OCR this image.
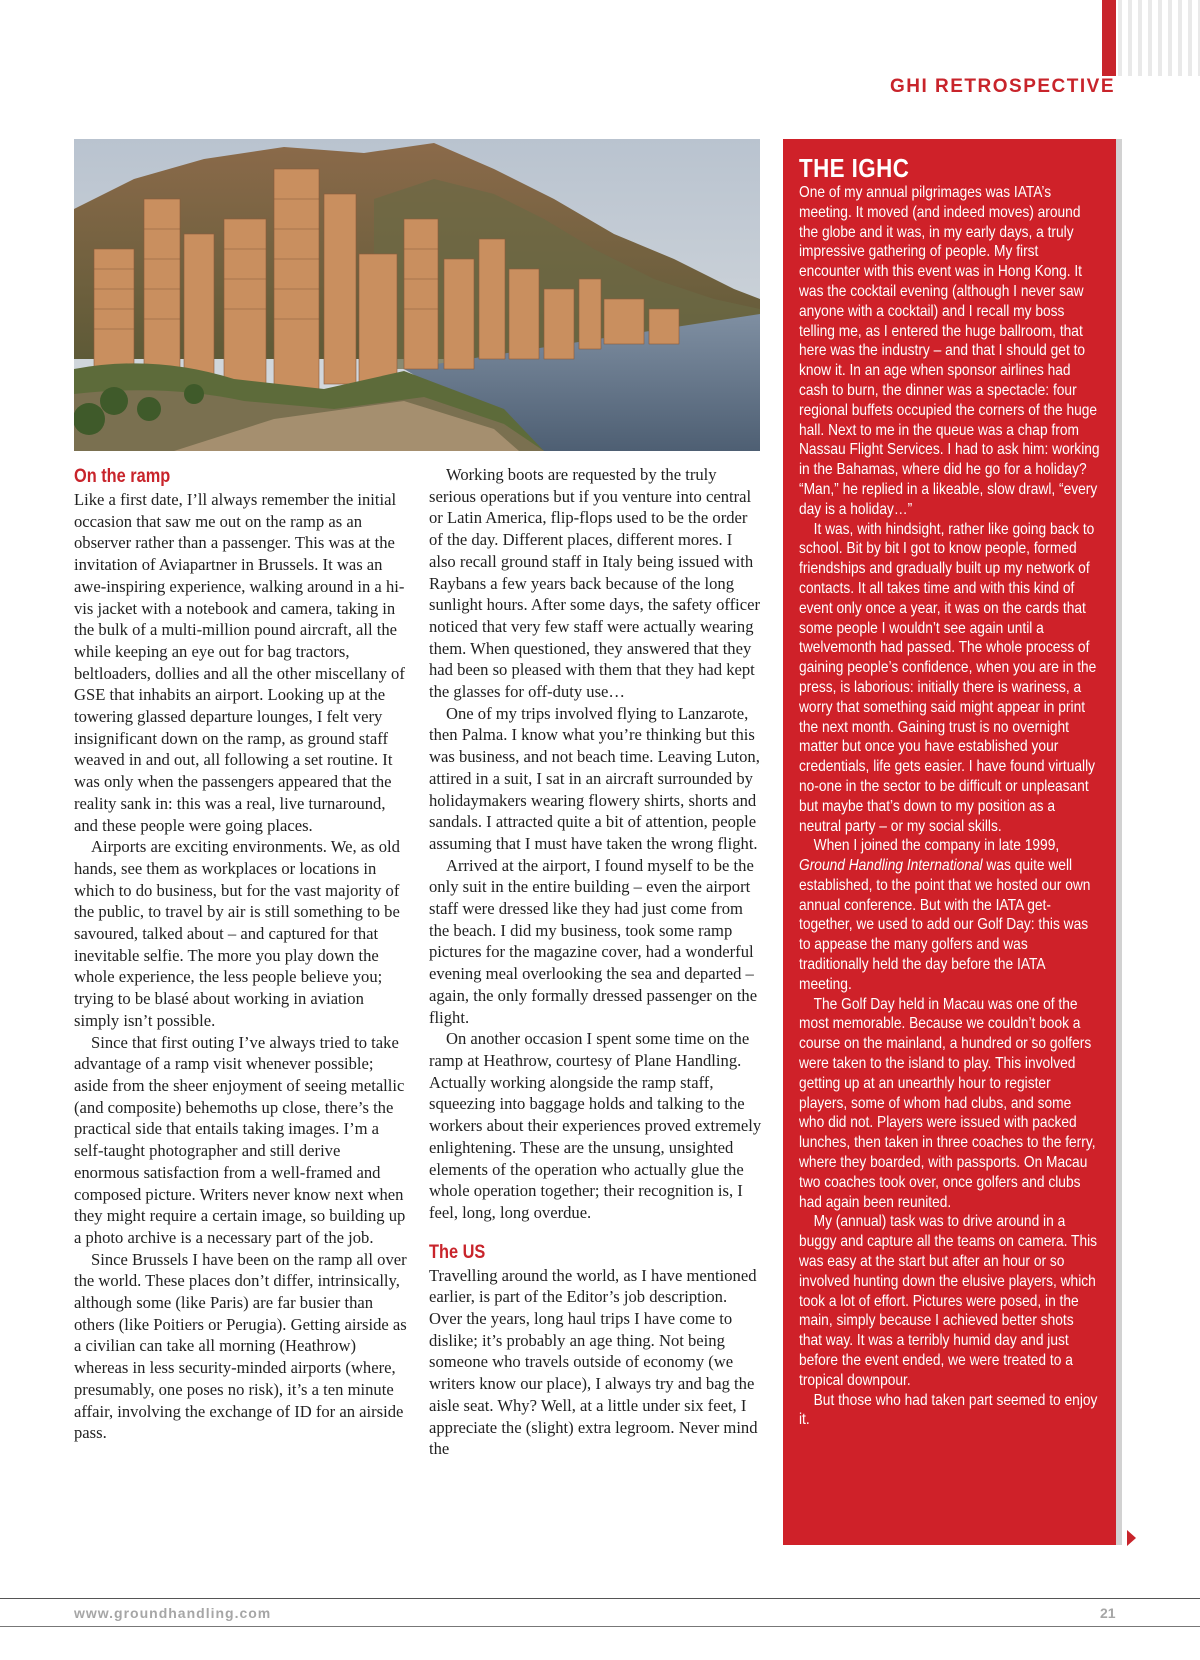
GHI RETROSPECTIVE
On the ramp

Like a first date, I’ll always remember the initial occasion that saw me out on the ramp as an observer rather than a passenger. This was at the invitation of Aviapartner in Brussels. It was an awe-inspiring experience, walking around in a hi-vis jacket with a notebook and camera, taking in the bulk of a multi-million pound aircraft, all the while keeping an eye out for bag tractors, beltloaders, dollies and all the other miscellany of GSE that inhabits an airport. Looking up at the towering glassed departure lounges, I felt very insignificant down on the ramp, as ground staff weaved in and out, all following a set routine. It was only when the passengers appeared that the reality sank in: this was a real, live turnaround, and these people were going places.

Airports are exciting environments. We, as old hands, see them as workplaces or locations in which to do business, but for the vast majority of the public, to travel by air is still something to be savoured, talked about – and captured for that inevitable selfie. The more you play down the whole experience, the less people believe you; trying to be blasé about working in aviation simply isn’t possible.

Since that first outing I’ve always tried to take advantage of a ramp visit whenever possible; aside from the sheer enjoyment of seeing metallic (and composite) behemoths up close, there’s the practical side that entails taking images. I’m a self-taught photographer and still derive enormous satisfaction from a well-framed and composed picture. Writers never know next when they might require a certain image, so building up a photo archive is a necessary part of the job.

Since Brussels I have been on the ramp all over the world. These places don’t differ, intrinsically, although some (like Paris) are far busier than others (like Poitiers or Perugia). Getting airside as a civilian can take all morning (Heathrow) whereas in less security-minded airports (where, presumably, one poses no risk), it’s a ten minute affair, involving the exchange of ID for an airside pass.

Working boots are requested by the truly serious operations but if you venture into central or Latin America, flip-flops used to be the order of the day. Different places, different mores. I also recall ground staff in Italy being issued with Raybans a few years back because of the long sunlight hours. After some days, the safety officer noticed that very few staff were actually wearing them. When questioned, they answered that they had been so pleased with them that they had kept the glasses for off-duty use…

One of my trips involved flying to Lanzarote, then Palma. I know what you’re thinking but this was business, and not beach time. Leaving Luton, attired in a suit, I sat in an aircraft surrounded by holidaymakers wearing flowery shirts, shorts and sandals. I attracted quite a bit of attention, people assuming that I must have taken the wrong flight.

Arrived at the airport, I found myself to be the only suit in the entire building – even the airport staff were dressed like they had just come from the beach. I did my business, took some ramp pictures for the magazine cover, had a wonderful evening meal overlooking the sea and departed – again, the only formally dressed passenger on the flight.

On another occasion I spent some time on the ramp at Heathrow, courtesy of Plane Handling. Actually working alongside the ramp staff, squeezing into baggage holds and talking to the workers about their experiences proved extremely enlightening. These are the unsung, unsighted elements of the operation who actually glue the whole operation together; their recognition is, I feel, long, long overdue.

The US

Travelling around the world, as I have mentioned earlier, is part of the Editor’s job description. Over the years, long haul trips I have come to dislike; it’s probably an age thing. Not being someone who travels outside of economy (we writers know our place), I always try and bag the aisle seat. Why? Well, at a little under six feet, I appreciate the (slight) extra legroom. Never mind the

THE IGHC

One of my annual pilgrimages was IATA’s meeting. It moved (and indeed moves) around the globe and it was, in my early days, a truly impressive gathering of people. My first encounter with this event was in Hong Kong. It was the cocktail evening (although I never saw anyone with a cocktail) and I recall my boss telling me, as I entered the huge ballroom, that here was the industry – and that I should get to know it. In an age when sponsor airlines had cash to burn, the dinner was a spectacle: four regional buffets occupied the corners of the huge hall. Next to me in the queue was a chap from Nassau Flight Services. I had to ask him: working in the Bahamas, where did he go for a holiday? “Man,” he replied in a likeable, slow drawl, “every day is a holiday…”

It was, with hindsight, rather like going back to school. Bit by bit I got to know people, formed friendships and gradually built up my network of contacts. It all takes time and with this kind of event only once a year, it was on the cards that some people I wouldn’t see again until a twelvemonth had passed. The whole process of gaining people’s confidence, when you are in the press, is laborious: initially there is wariness, a worry that something said might appear in print the next month. Gaining trust is no overnight matter but once you have established your credentials, life gets easier. I have found virtually no-one in the sector to be difficult or unpleasant but maybe that’s down to my position as a neutral party – or my social skills.

When I joined the company in late 1999, Ground Handling International was quite well established, to the point that we hosted our own annual conference. But with the IATA get-together, we used to add our Golf Day: this was to appease the many golfers and was traditionally held the day before the IATA meeting.

The Golf Day held in Macau was one of the most memorable. Because we couldn’t book a course on the mainland, a hundred or so golfers were taken to the island to play. This involved getting up at an unearthly hour to register players, some of whom had clubs, and some who did not. Players were issued with packed lunches, then taken in three coaches to the ferry, where they boarded, with passports. On Macau two coaches took over, once golfers and clubs had again been reunited.

My (annual) task was to drive around in a buggy and capture all the teams on camera. This was easy at the start but after an hour or so involved hunting down the elusive players, which took a lot of effort. Pictures were posed, in the main, simply because I achieved better shots that way. It was a terribly humid day and just before the event ended, we were treated to a tropical downpour.

But those who had taken part seemed to enjoy it.

www.groundhandling.com	21
